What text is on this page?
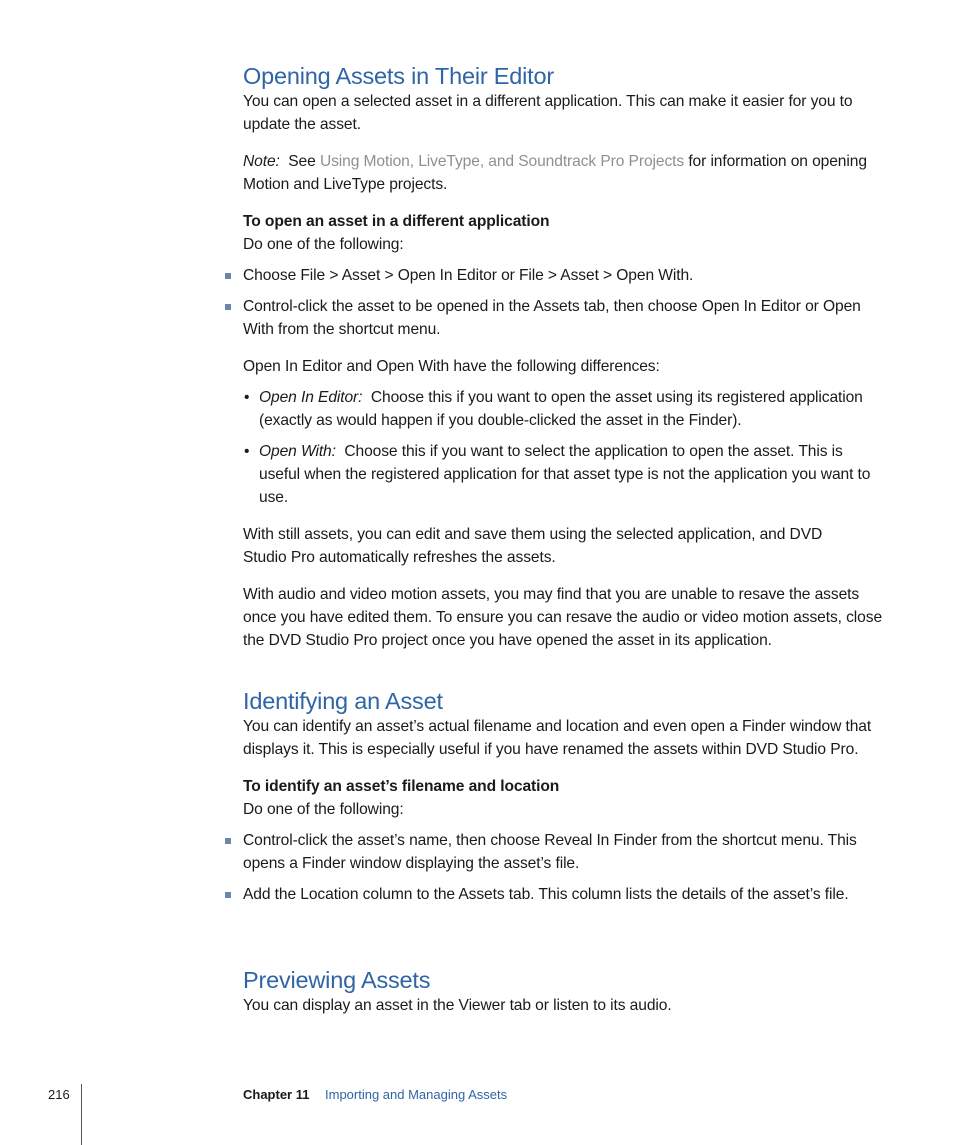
Opening Assets in Their Editor

You can open a selected asset in a different application. This can make it easier for you to update the asset.

Note: See Using Motion, LiveType, and Soundtrack Pro Projects for information on opening Motion and LiveType projects.

To open an asset in a different application

Do one of the following:

Choose File > Asset > Open In Editor or File > Asset > Open With.

Control-click the asset to be opened in the Assets tab, then choose Open In Editor or Open With from the shortcut menu.

Open In Editor and Open With have the following differences:

• Open In Editor: Choose this if you want to open the asset using its registered application (exactly as would happen if you double-clicked the asset in the Finder).

• Open With: Choose this if you want to select the application to open the asset. This is useful when the registered application for that asset type is not the application you want to use.

With still assets, you can edit and save them using the selected application, and DVD Studio Pro automatically refreshes the assets.

With audio and video motion assets, you may find that you are unable to resave the assets once you have edited them. To ensure you can resave the audio or video motion assets, close the DVD Studio Pro project once you have opened the asset in its application.

Identifying an Asset

You can identify an asset’s actual filename and location and even open a Finder window that displays it. This is especially useful if you have renamed the assets within DVD Studio Pro.

To identify an asset’s filename and location

Do one of the following:

Control-click the asset’s name, then choose Reveal In Finder from the shortcut menu. This opens a Finder window displaying the asset’s file.

Add the Location column to the Assets tab. This column lists the details of the asset’s file.

Previewing Assets

You can display an asset in the Viewer tab or listen to its audio.

216	Chapter 11 Importing and Managing Assets
